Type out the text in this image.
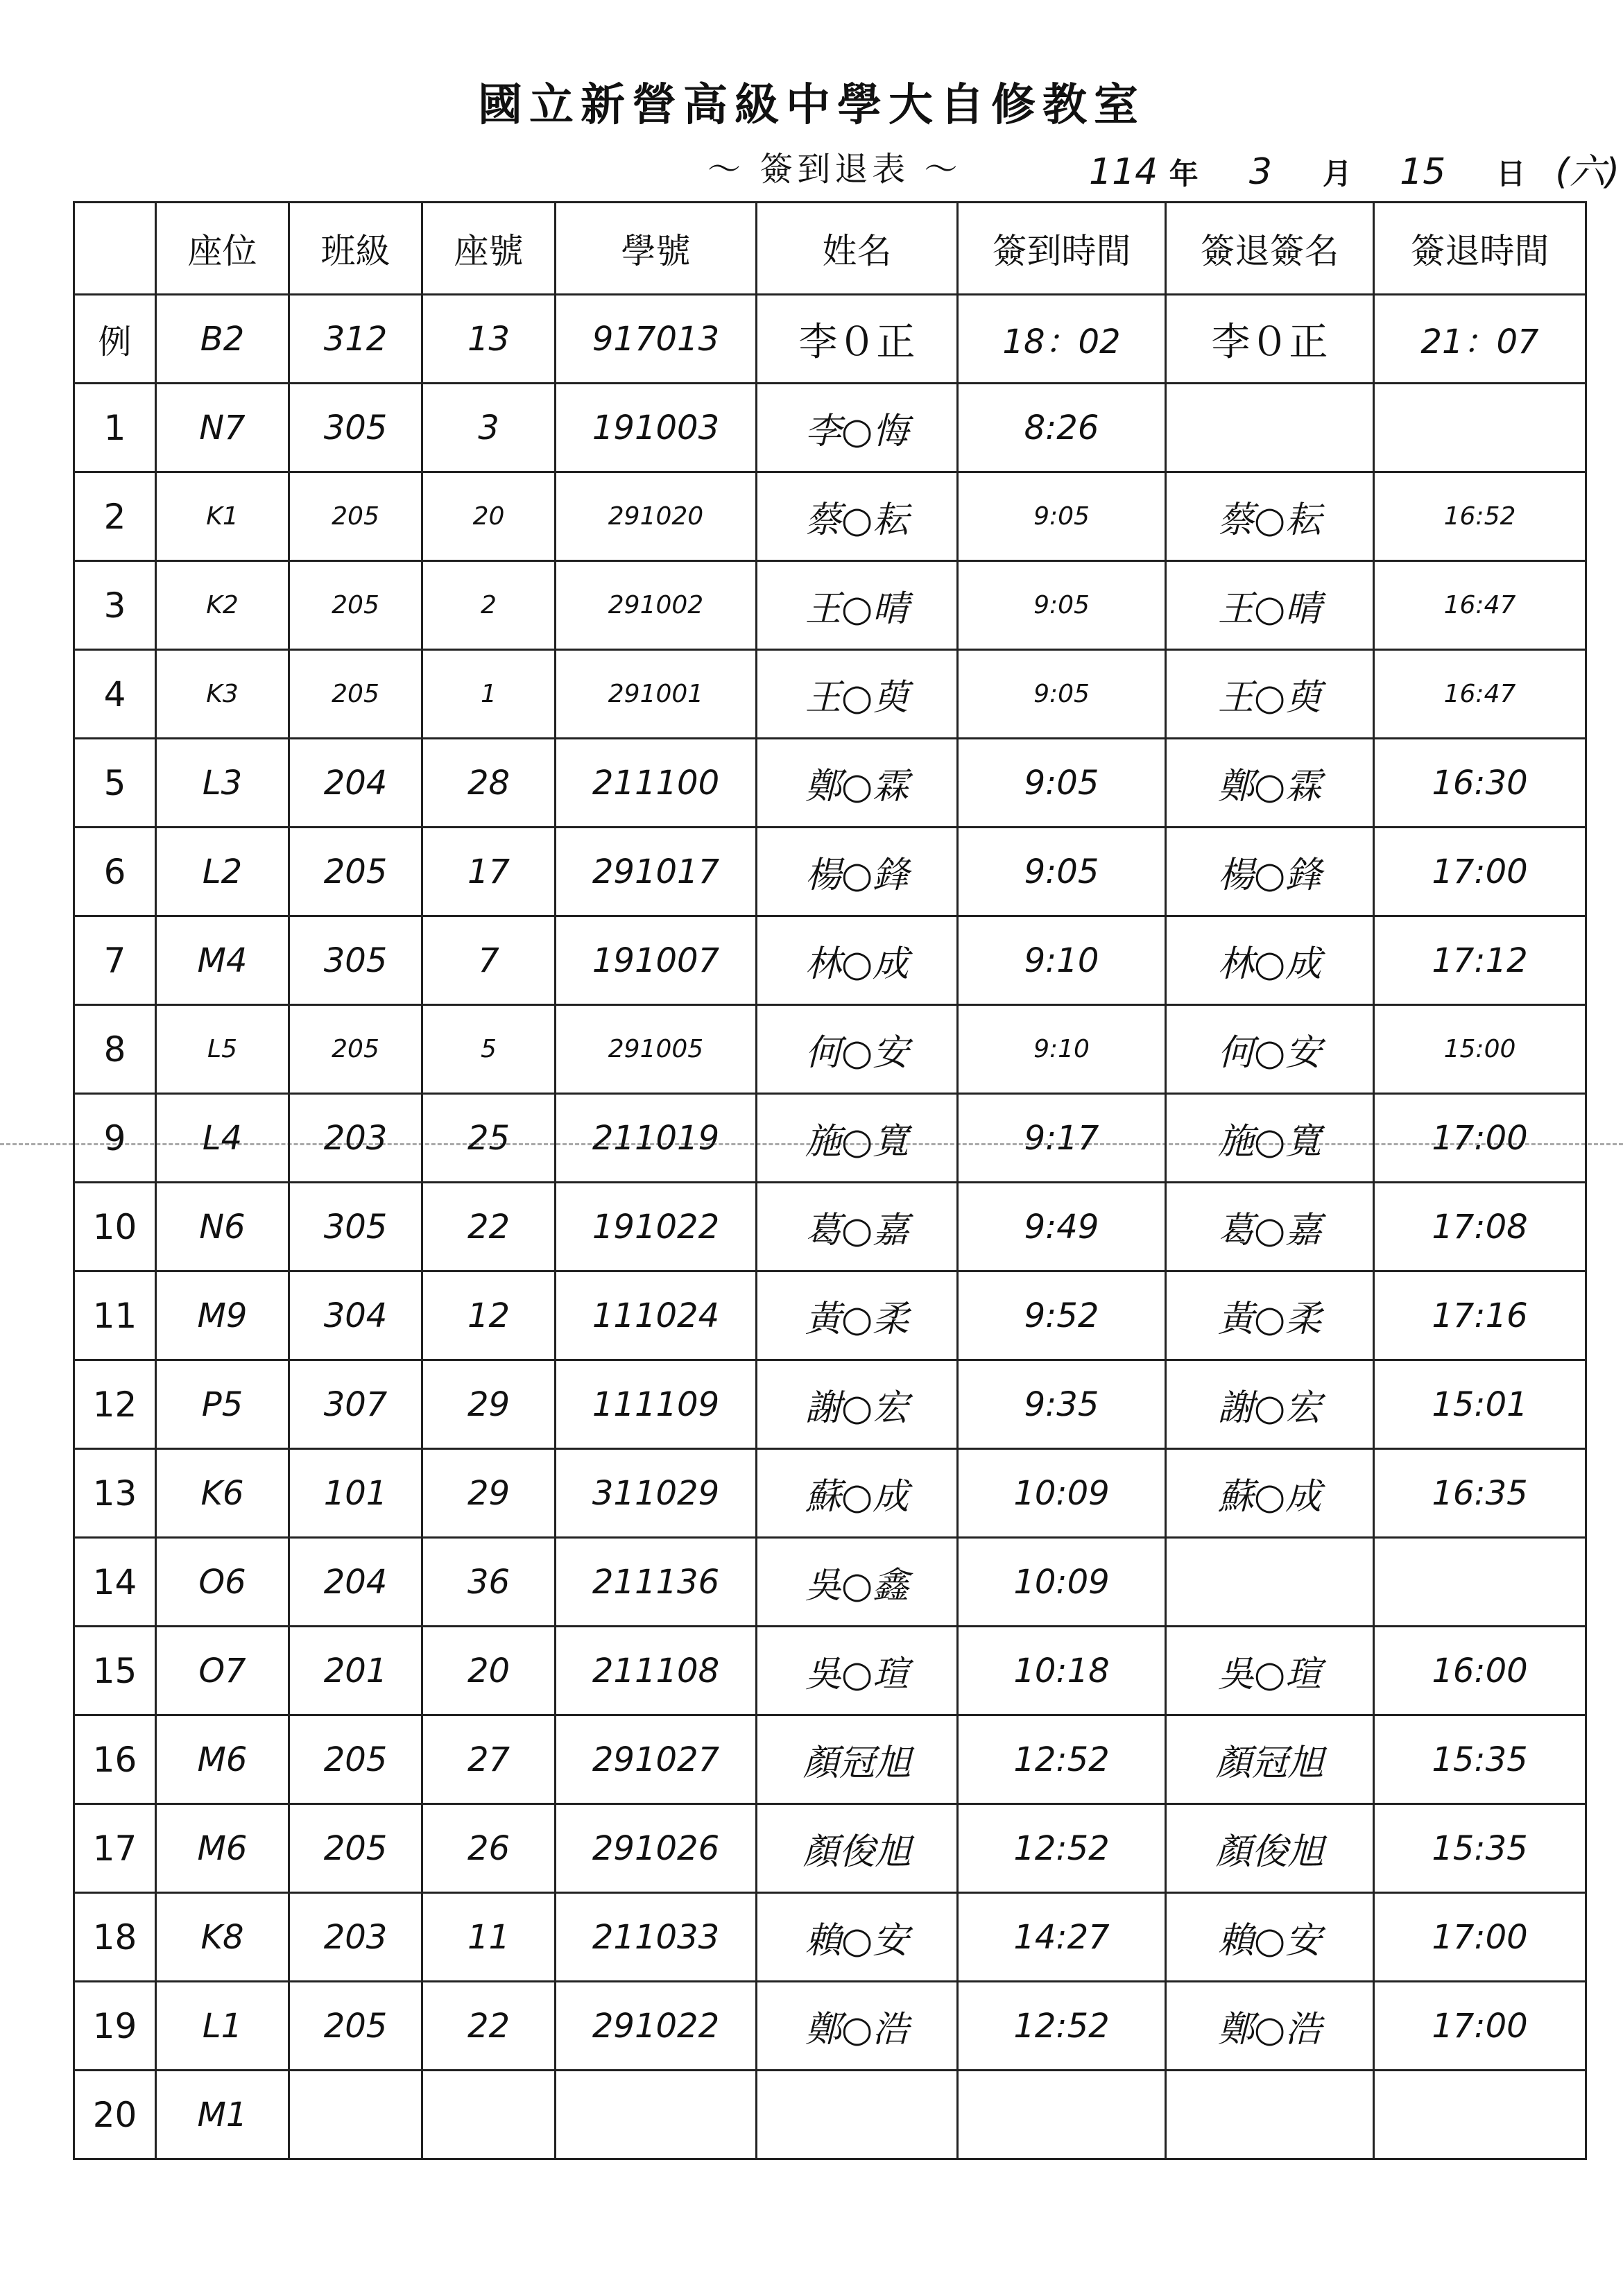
國立新營高級中學大自修教室
～ 簽到退表 ～	114 年 3 月 15 日 (六)
	座位	班級	座號	學號	姓名	簽到時間	簽退簽名	簽退時間
例	B2	312	13	917013	李０正	18：02	李０正	21：07
1	N7	305	3	191003	李○悔	8:26		
2	K1	205	20	291020	蔡○耘	9:05	蔡○耘	16:52
3	K2	205	2	291002	王○晴	9:05	王○晴	16:47
4	K3	205	1	291001	王○萸	9:05	王○萸	16:47
5	L3	204	28	211100	鄭○霖	9:05	鄭○霖	16:30
6	L2	205	17	291017	楊○鋒	9:05	楊○鋒	17:00
7	M4	305	7	191007	林○成	9:10	林○成	17:12
8	L5	205	5	291005	何○安	9:10	何○安	15:00
9	L4	203	25	211019	施○寬	9:17	施○寬	17:00
10	N6	305	22	191022	葛○嘉	9:49	葛○嘉	17:08
11	M9	304	12	111024	黃○柔	9:52	黃○柔	17:16
12	P5	307	29	111109	謝○宏	9:35	謝○宏	15:01
13	K6	101	29	311029	蘇○成	10:09	蘇○成	16:35
14	O6	204	36	211136	吳○鑫	10:09		
15	O7	201	20	211108	吳○瑄	10:18	吳○瑄	16:00
16	M6	205	27	291027	顏冠旭	12:52	顏冠旭	15:35
17	M6	205	26	291026	顏俊旭	12:52	顏俊旭	15:35
18	K8	203	11	211033	賴○安	14:27	賴○安	17:00
19	L1	205	22	291022	鄭○浩	12:52	鄭○浩	17:00
20	M1							
